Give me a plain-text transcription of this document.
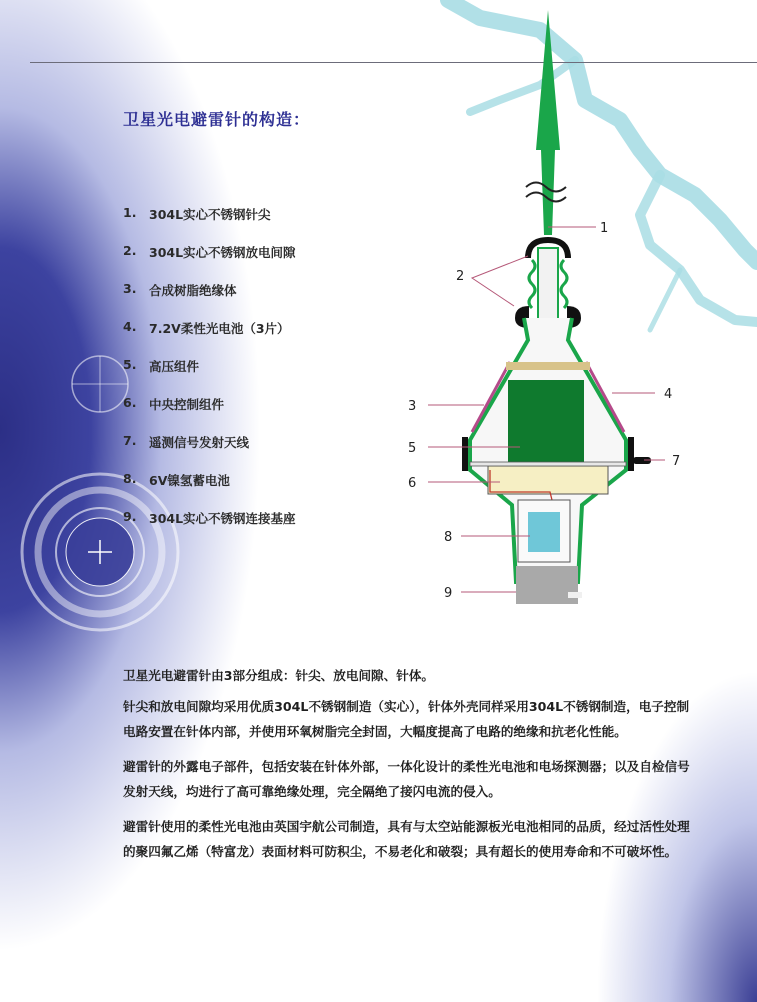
卫星光电避雷针的构造：
1.	304L实心不锈钢针尖
2.	304L实心不锈钢放电间隙
3.	合成树脂绝缘体
4.	7.2V柔性光电池（3片）
5.	高压组件
6.	中央控制组件
7.	遥测信号发射天线
8.	6V镍氢蓄电池
9.	304L实心不锈钢连接基座
1
2
3
4
5
6
7
8
9

卫星光电避雷针由3部分组成：针尖、放电间隙、针体。

针尖和放电间隙均采用优质304L不锈钢制造（实心），针体外壳同样采用304L不锈钢制造，电子控制电路安置在针体内部，并使用环氧树脂完全封固，大幅度提高了电路的绝缘和抗老化性能。

避雷针的外露电子部件，包括安装在针体外部，一体化设计的柔性光电池和电场探测器；以及自检信号发射天线，均进行了高可靠绝缘处理，完全隔绝了接闪电流的侵入。

避雷针使用的柔性光电池由英国宇航公司制造，具有与太空站能源板光电池相同的品质，经过活性处理的聚四氟乙烯（特富龙）表面材料可防积尘，不易老化和破裂；具有超长的使用寿命和不可破坏性。
